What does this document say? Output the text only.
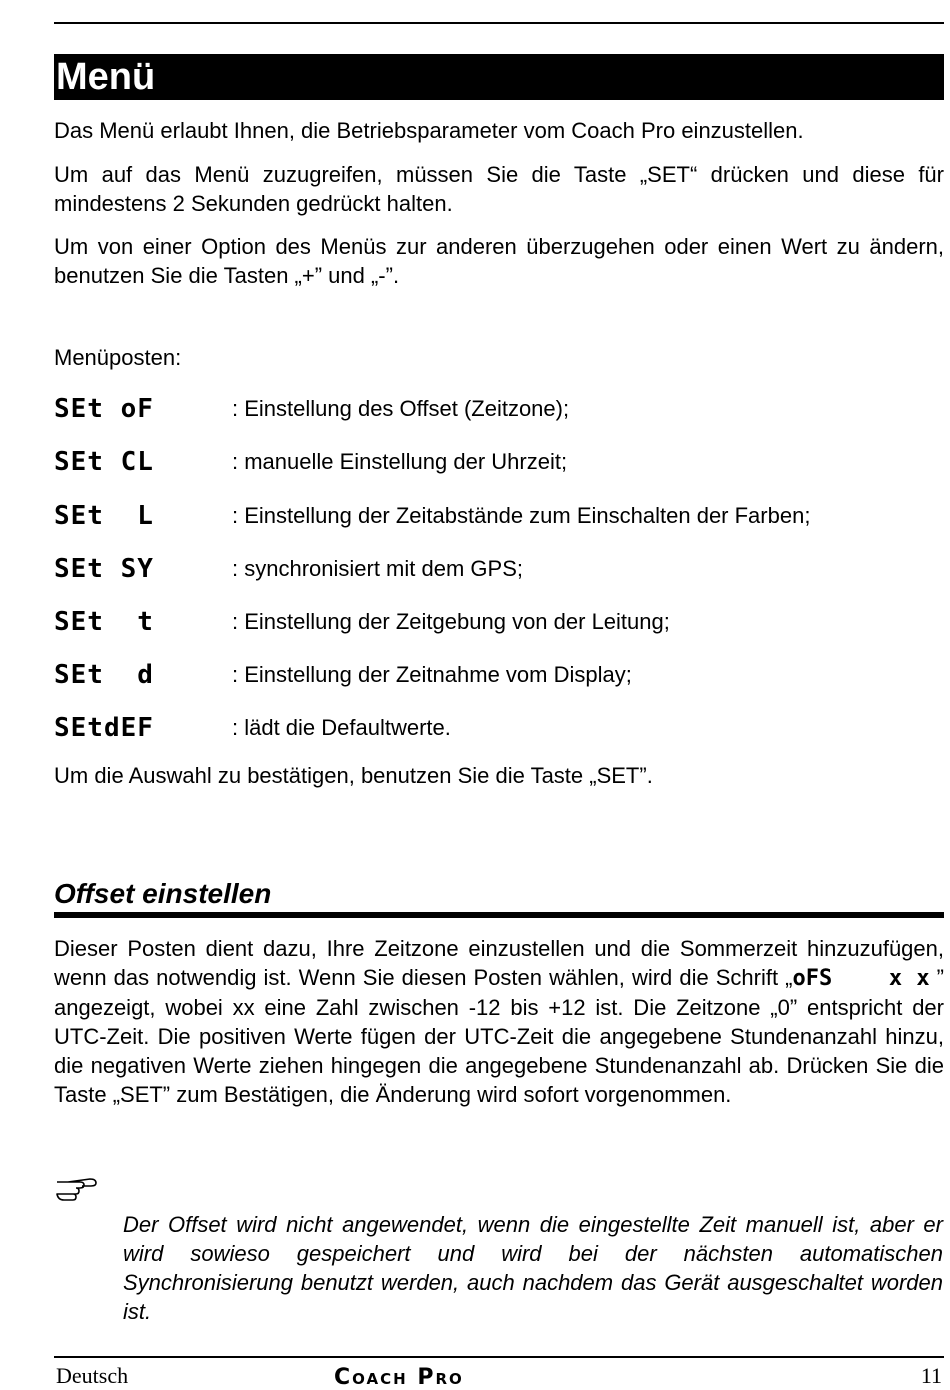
Menü

Das Menü erlaubt Ihnen, die Betriebsparameter vom Coach Pro einzustellen.

Um auf das Menü zuzugreifen, müssen Sie die Taste „SET“ drücken und diese für mindestens 2 Sekunden gedrückt halten.

Um von einer Option des Menüs zur anderen überzugehen oder einen Wert zu ändern, benutzen Sie die Tasten „+” und „-”.

Menüposten:

SEt oF	: Einstellung des Offset (Zeitzone);
SEt CL	: manuelle Einstellung der Uhrzeit;
SEt  L	: Einstellung der Zeitabstände zum Einschalten der Farben;
SEt SY	: synchronisiert mit dem GPS;
SEt  t	: Einstellung der Zeitgebung von der Leitung;
SEt  d	: Einstellung der Zeitnahme vom Display;
SEtdEF	: lädt die Defaultwerte.

Um die Auswahl zu bestätigen, benutzen Sie die Taste „SET”.

Offset einstellen

Dieser Posten dient dazu, Ihre Zeitzone einzustellen und die Sommerzeit hinzuzufügen, wenn das notwendig ist. Wenn Sie diesen Posten wählen, wird die Schrift „oFS    x x ” angezeigt, wobei xx eine Zahl zwischen -12 bis +12 ist. Die Zeitzone „0” entspricht der UTC-Zeit. Die positiven Werte fügen der UTC-Zeit die angegebene Stundenanzahl hinzu, die negativen Werte ziehen hingegen die angegebene Stundenanzahl ab. Drücken Sie die Taste „SET” zum Bestätigen, die Änderung wird sofort vorgenommen.

Der Offset wird nicht angewendet, wenn die eingestellte Zeit manuell ist, aber er wird sowieso gespeichert und wird bei der nächsten automatischen Synchronisierung benutzt werden, auch nachdem das Gerät ausgeschaltet worden ist.

Deutsch	Coach Pro	11
